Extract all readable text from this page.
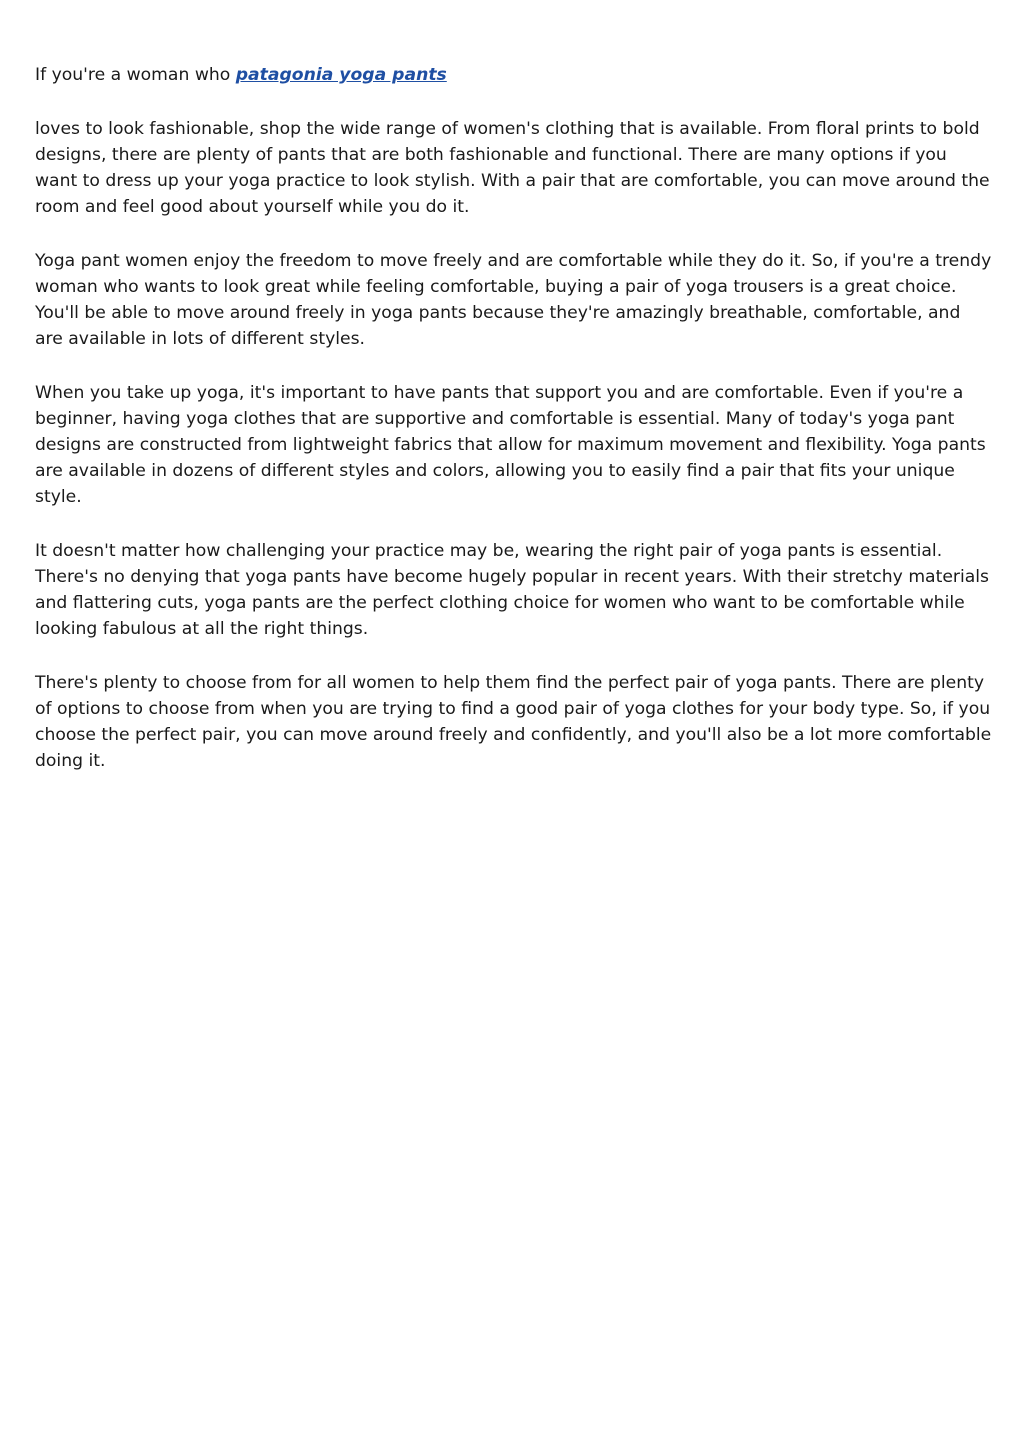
If you're a woman who patagonia yoga pants

loves to look fashionable, shop the wide range of women's clothing that is available. From floral prints to bold designs, there are plenty of pants that are both fashionable and functional. There are many options if you want to dress up your yoga practice to look stylish. With a pair that are comfortable, you can move around the room and feel good about yourself while you do it.

Yoga pant women enjoy the freedom to move freely and are comfortable while they do it. So, if you're a trendy woman who wants to look great while feeling comfortable, buying a pair of yoga trousers is a great choice. You'll be able to move around freely in yoga pants because they're amazingly breathable, comfortable, and are available in lots of different styles.

When you take up yoga, it's important to have pants that support you and are comfortable. Even if you're a beginner, having yoga clothes that are supportive and comfortable is essential. Many of today's yoga pant designs are constructed from lightweight fabrics that allow for maximum movement and flexibility. Yoga pants are available in dozens of different styles and colors, allowing you to easily find a pair that fits your unique style.

It doesn't matter how challenging your practice may be, wearing the right pair of yoga pants is essential. There's no denying that yoga pants have become hugely popular in recent years. With their stretchy materials and flattering cuts, yoga pants are the perfect clothing choice for women who want to be comfortable while looking fabulous at all the right things.

There's plenty to choose from for all women to help them find the perfect pair of yoga pants. There are plenty of options to choose from when you are trying to find a good pair of yoga clothes for your body type. So, if you choose the perfect pair, you can move around freely and confidently, and you'll also be a lot more comfortable doing it.
